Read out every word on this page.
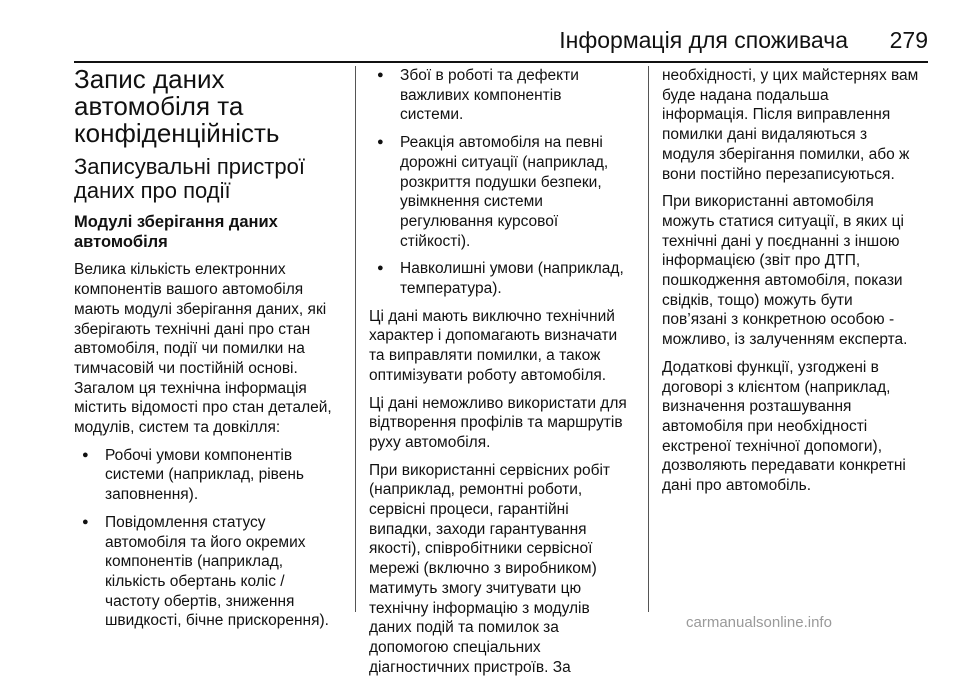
Інформація для споживача 279
Запис даних
автомобіля та
конфіденційність
Записувальні пристрої
даних про події
Модулі зберігання даних
автомобіля

Велика кількість електронних
компонентів вашого автомобіля
мають модулі зберігання даних, які
зберігають технічні дані про стан
автомобіля, події чи помилки на
тимчасовій чи постійній основі.
Загалом ця технічна інформація
містить відомості про стан деталей,
модулів, систем та довкілля:

● Робочі умови компонентів
системи (наприклад, рівень
заповнення).
● Повідомлення статусу
автомобіля та його окремих
компонентів (наприклад,
кількість обертань коліс /
частоту обертів, зниження
швидкості, бічне прискорення).
● Збої в роботі та дефекти
важливих компонентів
системи.
● Реакція автомобіля на певні
дорожні ситуації (наприклад,
розкриття подушки безпеки,
увімкнення системи
регулювання курсової
стійкості).
● Навколишні умови (наприклад,
температура).

Ці дані мають виключно технічний
характер і допомагають визначати
та виправляти помилки, а також
оптимізувати роботу автомобіля.

Ці дані неможливо використати для
відтворення профілів та маршрутів
руху автомобіля.

При використанні сервісних робіт
(наприклад, ремонтні роботи,
сервісні процеси, гарантійні
випадки, заходи гарантування
якості), співробітники сервісної
мережі (включно з виробником)
матимуть змогу зчитувати цю
технічну інформацію з модулів
даних подій та помилок за
допомогою спеціальних
діагностичних пристроїв. За

необхідності, у цих майстернях вам
буде надана подальша
інформація. Після виправлення
помилки дані видаляються з
модуля зберігання помилки, або ж
вони постійно перезаписуються.

При використанні автомобіля
можуть статися ситуації, в яких ці
технічні дані у поєднанні з іншою
інформацією (звіт про ДТП,
пошкодження автомобіля, покази
свідків, тощо) можуть бути
пов’язані з конкретною особою -
можливо, із залученням експерта.

Додаткові функції, узгоджені в
договорі з клієнтом (наприклад,
визначення розташування
автомобіля при необхідності
екстреної технічної допомоги),
дозволяють передавати конкретні
дані про автомобіль.

carmanualsonline.info
